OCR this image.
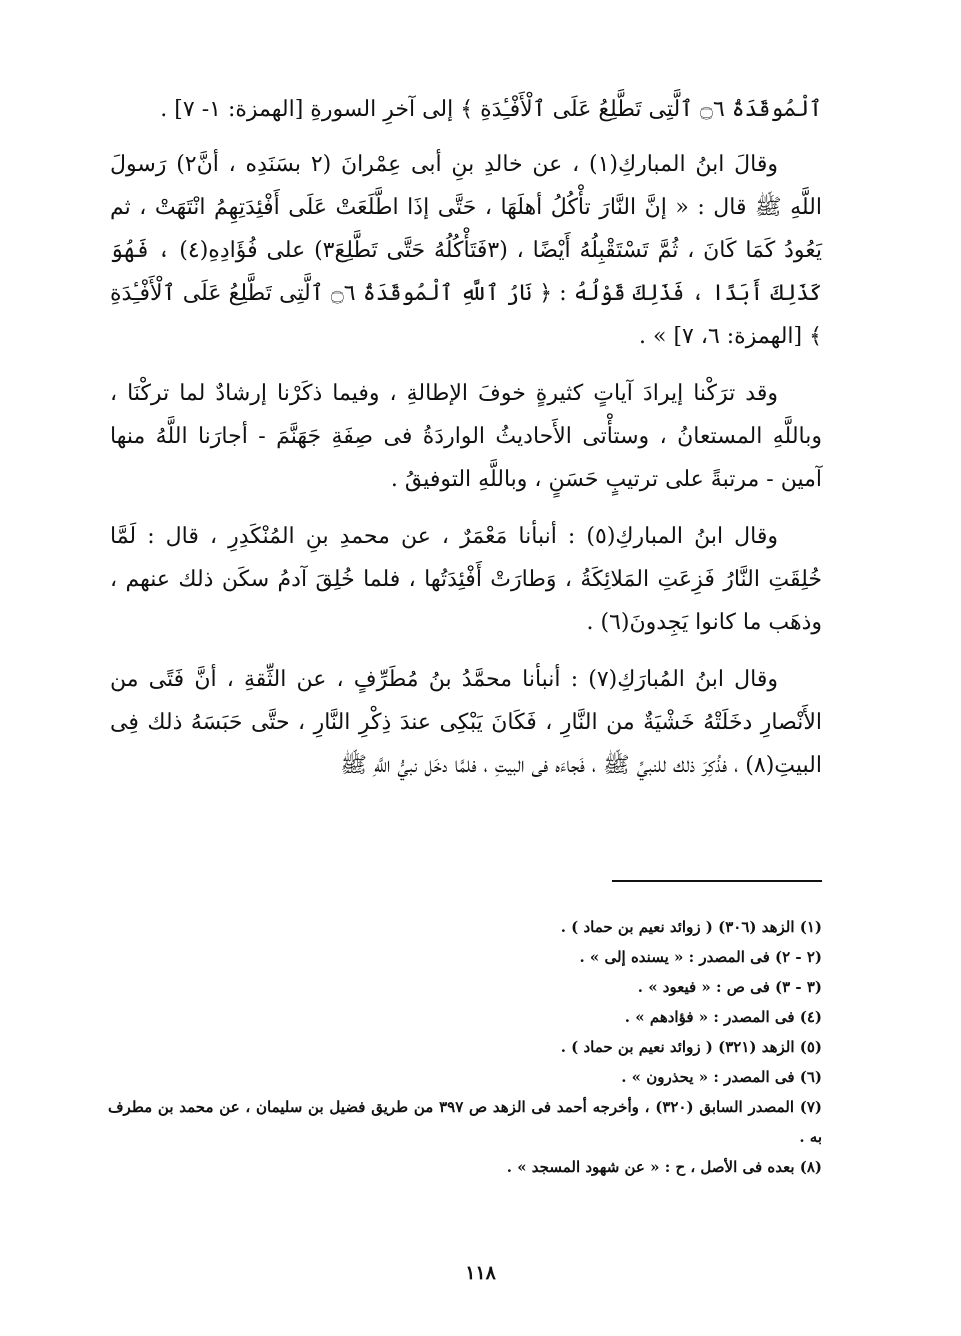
ٱلْمُوقَدَةُ ۝٦ ٱلَّتِى تَطَّلِعُ عَلَى ٱلْأَفْـِٔدَةِ ﴾ إلى آخرِ السورةِ [الهمزة: ١- ٧] .

وقالَ ابنُ المباركِ(١) ، عن خالدِ بنِ أبى عِمْرانَ (٢ بسَنَدِه ، أنَّ٢) رَسولَ اللَّهِ ﷺ قال : « إنَّ النَّارَ تأْكُلُ أهلَهَا ، حَتَّى إذَا اطَّلَعَتْ عَلَى أَفْئِدَتِهِمُ انْتَهَتْ ، ثم يَعُودُ كَمَا كَانَ ، ثُمَّ تَسْتَقْبِلُهُ أَيْضًا ، (٣فَتَأْكُلُهُ حَتَّى تَطَّلِعَ٣) على فُؤَادِهِ(٤) ، فَهُوَ كَذَلِكَ أَبَدًا ، فَذَلِكَ قَوْلُهُ : ﴿ نَارُ ٱللَّهِ ٱلْمُوقَدَةُ ۝٦ ٱلَّتِى تَطَّلِعُ عَلَى ٱلْأَفْـِٔدَةِ ﴾ [الهمزة: ٦، ٧] » .

وقد ترَكْنا إيرادَ آياتٍ كثيرةٍ خوفَ الإطالةِ ، وفيما ذكَرْنا إرشادٌ لما تركْنَا ، وباللَّهِ المستعانُ ، وستأْتى الأَحاديثُ الواردَةُ فى صِفَةِ جَهَنَّمَ - أجارَنا اللَّهُ منها آمين - مرتبةً على ترتيبٍ حَسَنٍ ، وباللَّهِ التوفيقُ .

وقال ابنُ المباركِ(٥) : أنبأنا مَعْمَرٌ ، عن محمدِ بنِ المُنْكَدِرِ ، قال : لَمَّا خُلِقَتِ النَّارُ فَزِعَتِ المَلائِكَةُ ، وَطارَتْ أَفْئِدَتُها ، فلما خُلِقَ آدمُ سكَن ذلك عنهم ، وذهَب ما كانوا يَجِدونَ(٦) .

وقال ابنُ المُبارَكِ(٧) : أنبأنا محمَّدُ بنُ مُطَرِّفٍ ، عن الثِّقةِ ، أنَّ فَتًى من الأَنْصارِ دخَلَتْهُ خَشْيَةٌ من النَّارِ ، فَكَانَ يَبْكِى عندَ ذِكْرِ النَّارِ ، حتَّى حَبَسَهُ ذلك فِى البيتِ(٨) ، فذُكِرَ ذلك للنبيِّ ﷺ ، فَجاءَه فى البيتِ ، فلمَّا دخَل نبيُّ اللَّهِ ﷺ

(١) الزهد (٣٠٦) ( زوائد نعيم بن حماد ) .

(٢ - ٢) فى المصدر : « يسنده إلى » .

(٣ - ٣) فى ص : « فيعود » .

(٤) فى المصدر : « فؤادهم » .

(٥) الزهد (٣٢١) ( زوائد نعيم بن حماد ) .

(٦) فى المصدر : « يحذرون » .

(٧) المصدر السابق (٣٢٠) ، وأخرجه أحمد فى الزهد ص ٣٩٧ من طريق فضيل بن سليمان ، عن محمد بن مطرف به .

(٨) بعده فى الأصل ، ح : « عن شهود المسجد » .

١١٨
